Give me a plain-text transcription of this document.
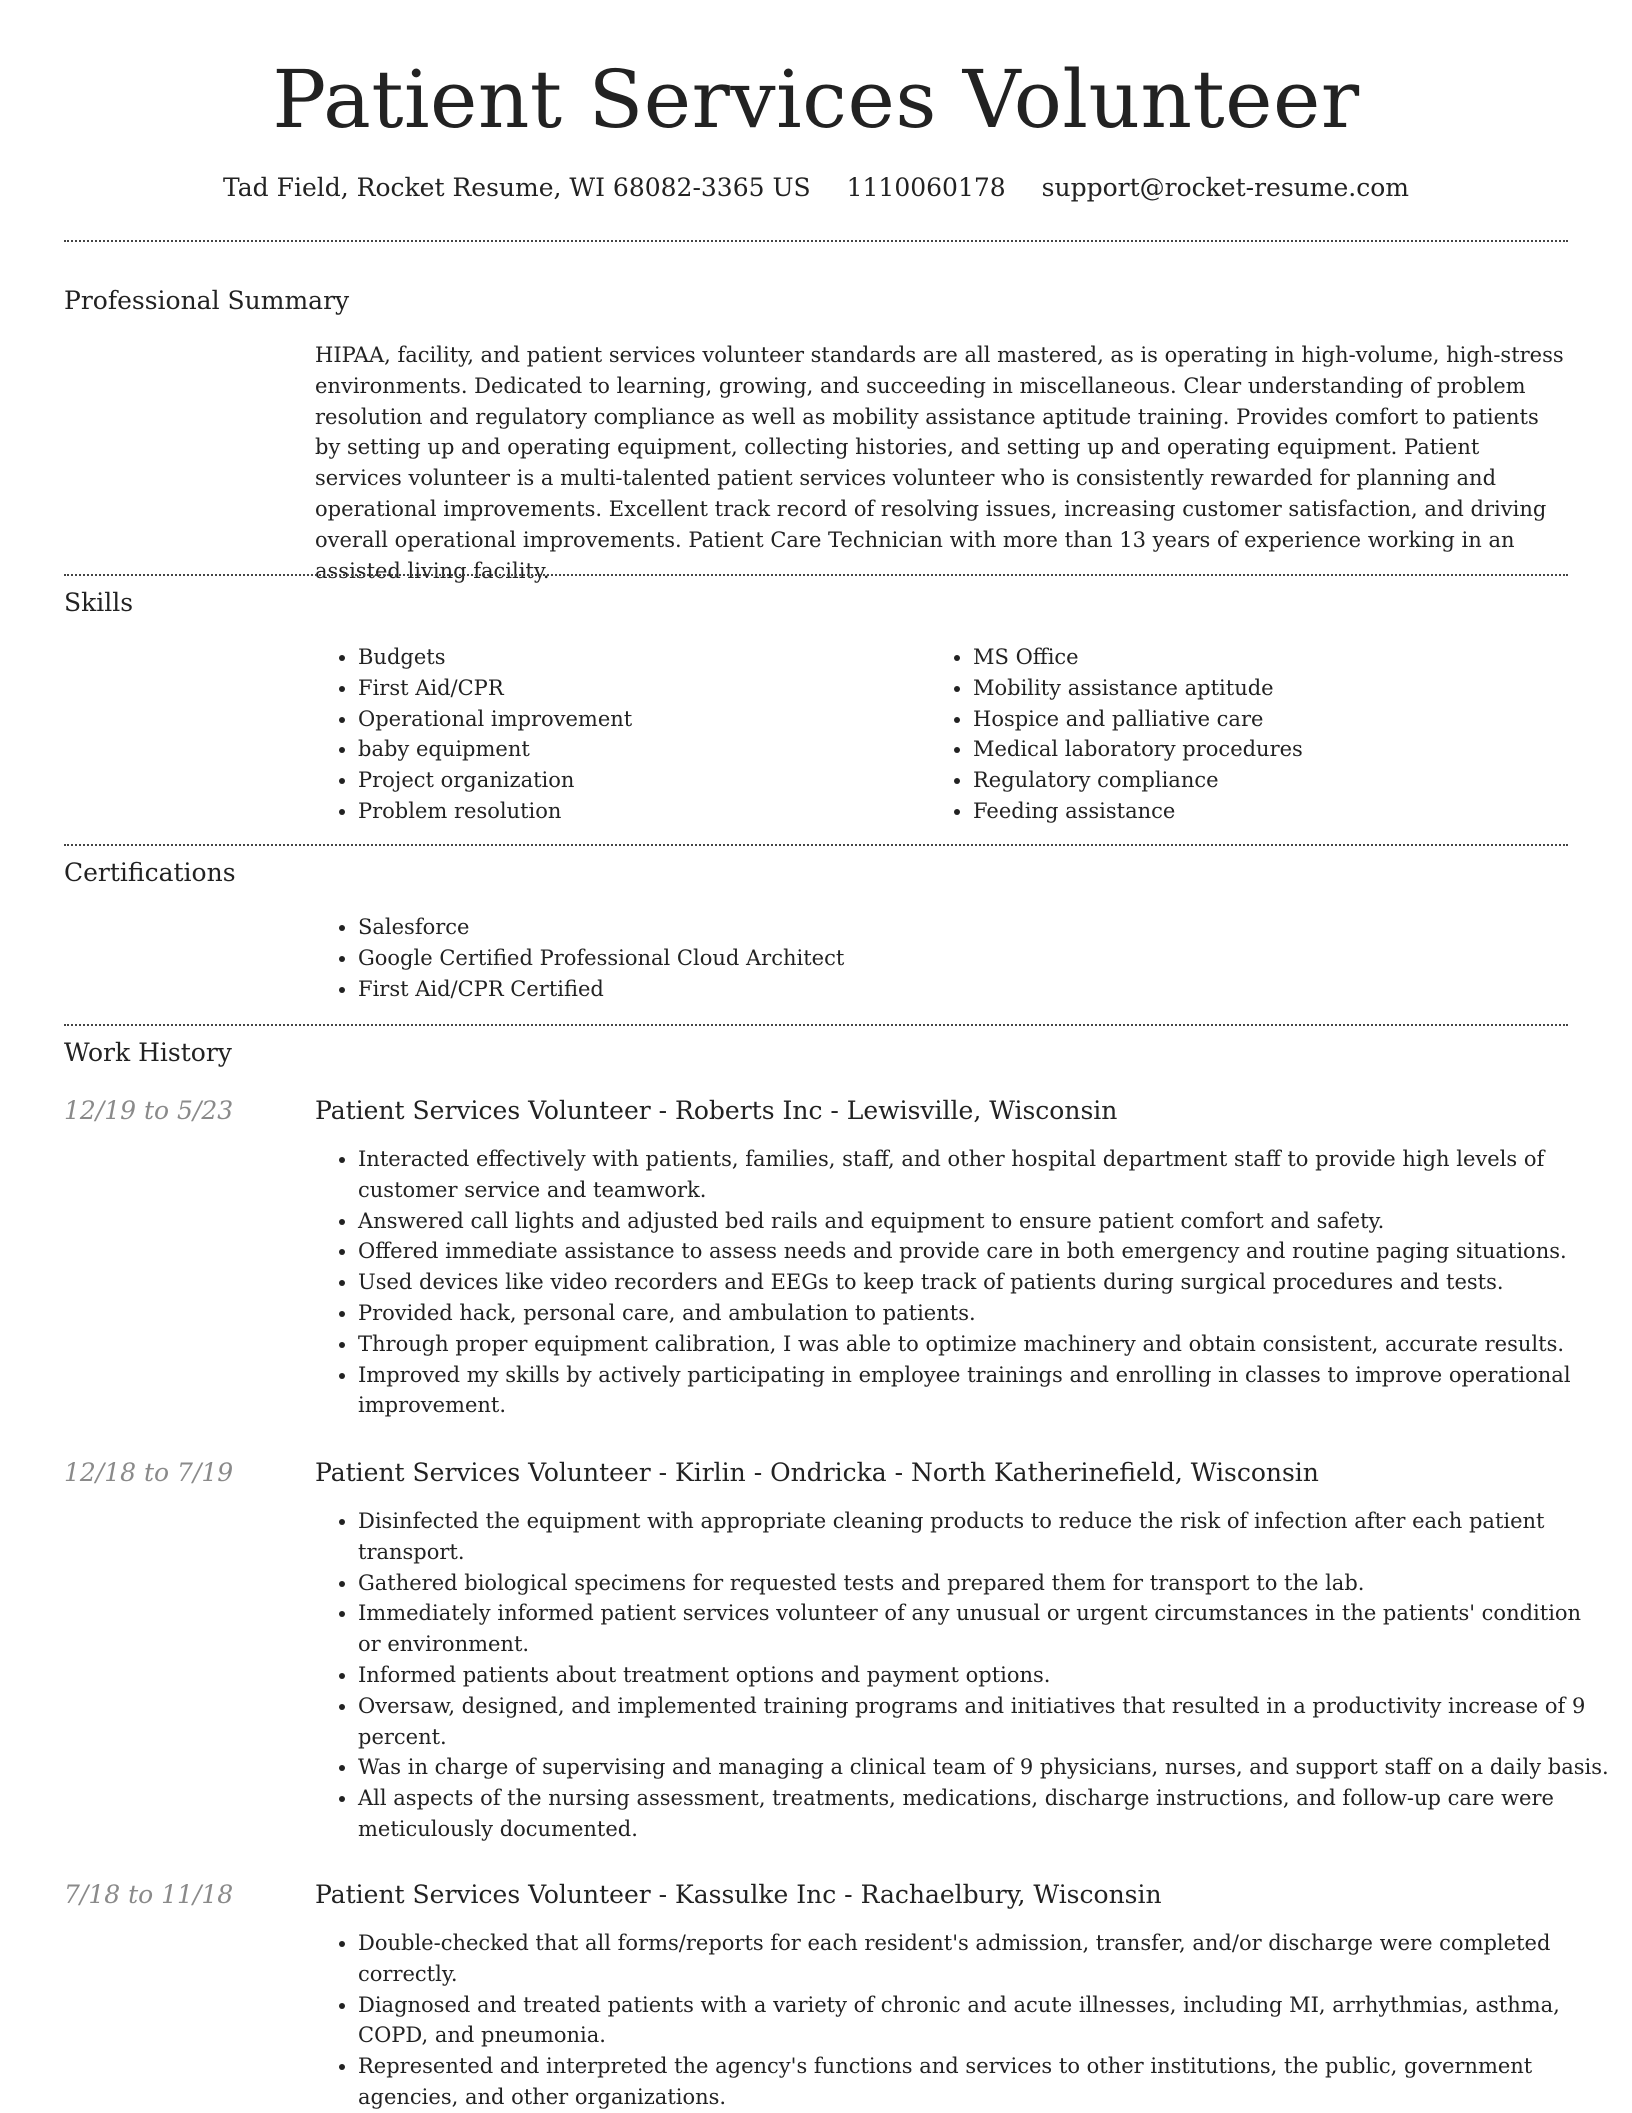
Patient Services Volunteer
Tad Field, Rocket Resume, WI 68082-3365 US 1110060178 support@rocket-resume.com
Professional Summary

HIPAA, facility, and patient services volunteer standards are all mastered, as is operating in high-volume, high-stress environments. Dedicated to learning, growing, and succeeding in miscellaneous. Clear understanding of problem resolution and regulatory compliance as well as mobility assistance aptitude training. Provides comfort to patients by setting up and operating equipment, collecting histories, and setting up and operating equipment. Patient services volunteer is a multi-talented patient services volunteer who is consistently rewarded for planning and operational improvements. Excellent track record of resolving issues, increasing customer satisfaction, and driving overall operational improvements. Patient Care Technician with more than 13 years of experience working in an assisted living facility.

Skills
• Budgets
• First Aid/CPR
• Operational improvement
• baby equipment
• Project organization
• Problem resolution
• MS Office
• Mobility assistance aptitude
• Hospice and palliative care
• Medical laboratory procedures
• Regulatory compliance
• Feeding assistance
Certifications
• Salesforce
• Google Certified Professional Cloud Architect
• First Aid/CPR Certified
Work History
12/19 to 5/23	Patient Services Volunteer - Roberts Inc - Lewisville, Wisconsin
• Interacted effectively with patients, families, staff, and other hospital department staff to provide high levels of customer service and teamwork.
• Answered call lights and adjusted bed rails and equipment to ensure patient comfort and safety.
• Offered immediate assistance to assess needs and provide care in both emergency and routine paging situations.
• Used devices like video recorders and EEGs to keep track of patients during surgical procedures and tests.
• Provided hack, personal care, and ambulation to patients.
• Through proper equipment calibration, I was able to optimize machinery and obtain consistent, accurate results.
• Improved my skills by actively participating in employee trainings and enrolling in classes to improve operational improvement.
12/18 to 7/19	Patient Services Volunteer - Kirlin - Ondricka - North Katherinefield, Wisconsin
• Disinfected the equipment with appropriate cleaning products to reduce the risk of infection after each patient transport.
• Gathered biological specimens for requested tests and prepared them for transport to the lab.
• Immediately informed patient services volunteer of any unusual or urgent circumstances in the patients' condition or environment.
• Informed patients about treatment options and payment options.
• Oversaw, designed, and implemented training programs and initiatives that resulted in a productivity increase of 9 percent.
• Was in charge of supervising and managing a clinical team of 9 physicians, nurses, and support staff on a daily basis.
• All aspects of the nursing assessment, treatments, medications, discharge instructions, and follow-up care were meticulously documented.
7/18 to 11/18	Patient Services Volunteer - Kassulke Inc - Rachaelbury, Wisconsin
• Double-checked that all forms/reports for each resident's admission, transfer, and/or discharge were completed correctly.
• Diagnosed and treated patients with a variety of chronic and acute illnesses, including MI, arrhythmias, asthma, COPD, and pneumonia.
• Represented and interpreted the agency's functions and services to other institutions, the public, government agencies, and other organizations.
